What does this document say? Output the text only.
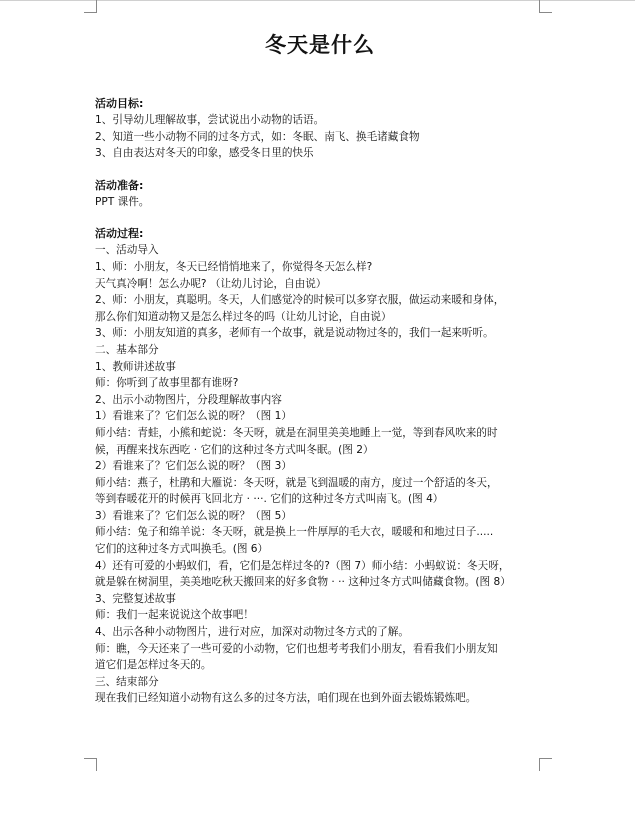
冬天是什么

活动目标:

1、引导幼儿理解故事，尝试说出小动物的话语。

2、知道一些小动物不同的过冬方式，如：冬眠、南飞、换毛诸藏食物

3、自由表达对冬天的印象，感受冬日里的快乐

活动准备:

PPT 课件。

活动过程:

一、活动导入

1、师：小朋友，冬天已经悄悄地来了，你觉得冬天怎么样?

天气真冷啊！怎么办呢? （让幼儿讨论，自由说）

2、师：小朋友，真聪明。冬天，人们感觉冷的时候可以多穿衣服，做运动来暖和身体，

那么你们知道动物又是怎么样过冬的吗（让幼儿讨论，自由说）

3、师：小朋友知道的真多，老师有一个故事，就是说动物过冬的，我们一起来听听。

二、基本部分

1、教师讲述故事

师：你听到了故事里都有谁呀?

2、出示小动物图片，分段理解故事内容

1）看谁来了？它们怎么说的呀？（图 1）

师小结：青蛙，小熊和蛇说：冬天呀，就是在洞里美美地睡上一觉，等到春风吹来的时

候，再醒来找东西吃 · 它们的这种过冬方式叫冬眠。(图 2）

2）看谁来了？它们怎么说的呀？（图 3）

师小结：燕子，杜鹃和大雁说：冬天呀，就是飞到温暖的南方，度过一个舒适的冬天，

等到春暖花开的时候再飞回北方 · ···. 它们的这种过冬方式叫南飞。(图 4）

3）看谁来了？它们怎么说的呀？（图 5）

师小结：兔子和绵羊说：冬天呀，就是换上一件厚厚的毛大衣，暖暖和和地过日子.....

它们的这种过冬方式叫换毛。(图 6）

4）还有可爱的小蚂蚁们，看，它们是怎样过冬的?（图 7）师小结：小蚂蚁说：冬天呀，

就是躲在树洞里，美美地吃秋天搬回来的好多食物 · ·· 这种过冬方式叫储藏食物。(图 8）

3、完整复述故事

师：我们一起来说说这个故事吧！

4、出示各种小动物图片，进行对应，加深对动物过冬方式的了解。

师：瞧，今天还来了一些可爱的小动物，它们也想考考我们小朋友，看看我们小朋友知

道它们是怎样过冬天的。

三、结束部分

现在我们已经知道小动物有这么多的过冬方法，咱们现在也到外面去锻炼锻炼吧。
